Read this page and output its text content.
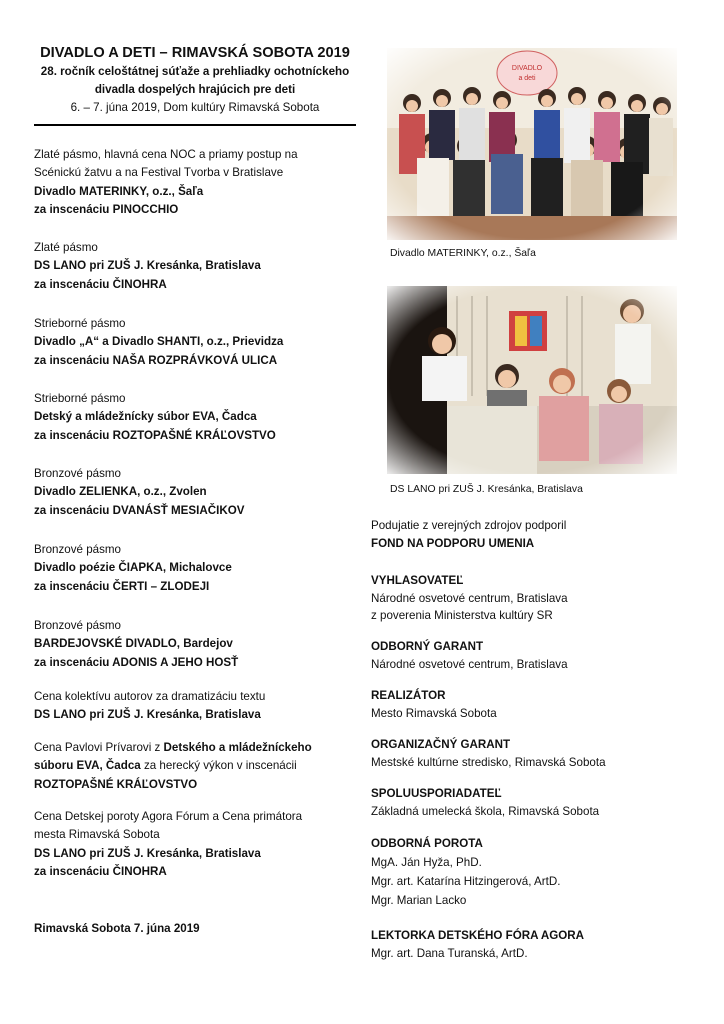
DIVADLO A DETI – RIMAVSKÁ SOBOTA 2019
28. ročník celoštátnej súťaže a prehliadky ochotníckeho
divadla dospelých hrajúcich pre deti
6. – 7. júna 2019, Dom kultúry Rimavská Sobota
Zlaté pásmo, hlavná cena NOC a priamy postup na
Scénickú žatvu a na Festival Tvorba v Bratislave
Divadlo MATERINKY, o.z., Šaľa
za inscenáciu PINOCCHIO
Zlaté pásmo
DS LANO pri ZUŠ J. Kresánka, Bratislava
za inscenáciu ČINOHRA
Strieborné pásmo
Divadlo „A“ a Divadlo SHANTI, o.z., Prievidza
za inscenáciu NAŠA ROZPRÁVKOVÁ ULICA
Strieborné pásmo
Detský a mládežnícky súbor EVA, Čadca
za inscenáciu ROZTOPAŠNÉ KRÁĽOVSTVO
Bronzové pásmo
Divadlo ZELIENKA, o.z., Zvolen
za inscenáciu DVANÁSŤ MESIAČIKOV
Bronzové pásmo
Divadlo poézie ČIAPKA, Michalovce
za inscenáciu ČERTI – ZLODEJI
Bronzové pásmo
BARDEJOVSKÉ DIVADLO, Bardejov
za inscenáciu ADONIS A JEHO HOSŤ
Cena kolektívu autorov za dramatizáciu textu
DS LANO pri ZUŠ J. Kresánka, Bratislava
Cena Pavlovi Prívarovi z Detského a mládežníckeho
súboru EVA, Čadca za herecký výkon v inscenácii
ROZTOPAŠNÉ KRÁĽOVSTVO
Cena Detskej poroty Agora Fórum a Cena primátora
mesta Rimavská Sobota
DS LANO pri ZUŠ J. Kresánka, Bratislava
za inscenáciu ČINOHRA
Rimavská Sobota 7. júna 2019
Divadlo MATERINKY, o.z., Šaľa
DS LANO pri ZUŠ J. Kresánka, Bratislava
Podujatie z verejných zdrojov podporil
FOND NA PODPORU UMENIA
VYHLASOVATEĽ
Národné osvetové centrum, Bratislava
z poverenia Ministerstva kultúry SR
ODBORNÝ GARANT
Národné osvetové centrum, Bratislava
REALIZÁTOR
Mesto Rimavská Sobota
ORGANIZAČNÝ GARANT
Mestské kultúrne stredisko, Rimavská Sobota
SPOLUUSPORIADATEĽ
Základná umelecká škola, Rimavská Sobota
ODBORNÁ POROTA
MgA. Ján Hyža, PhD.
Mgr. art. Katarína Hitzingerová, ArtD.
Mgr. Marian Lacko
LEKTORKA DETSKÉHO FÓRA AGORA
Mgr. art. Dana Turanská, ArtD.
